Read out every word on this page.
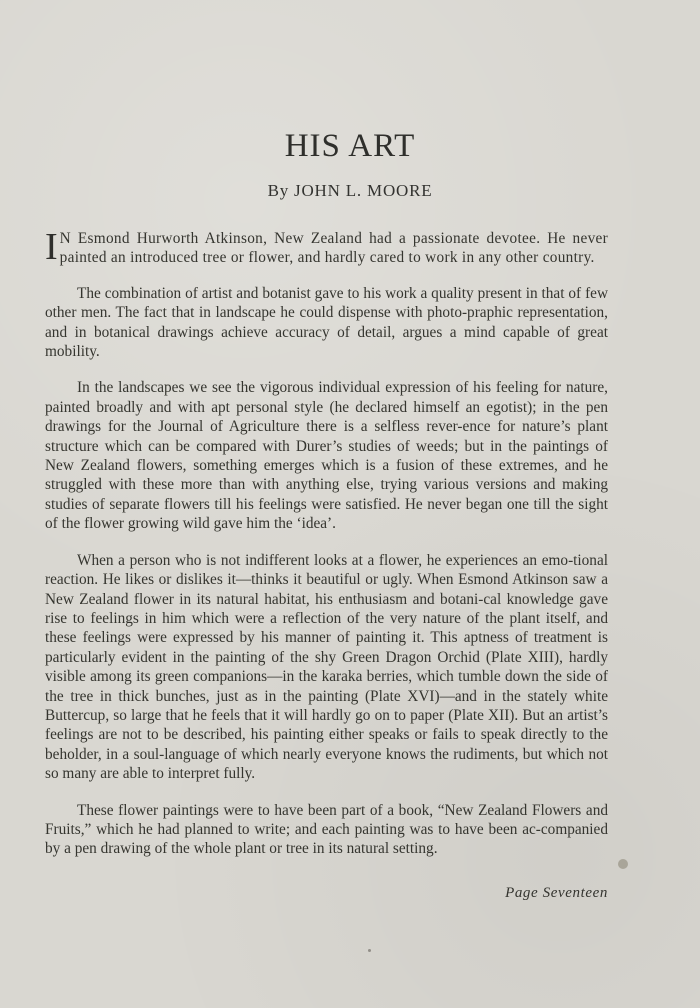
HIS ART
By JOHN L. MOORE

I N Esmond Hurworth Atkinson, New Zealand had a passionate devotee. He never painted an introduced tree or flower, and hardly cared to work in any other country.

The combination of artist and botanist gave to his work a quality present in that of few other men. The fact that in landscape he could dispense with photo-praphic representation, and in botanical drawings achieve accuracy of detail, argues a mind capable of great mobility.

In the landscapes we see the vigorous individual expression of his feeling for nature, painted broadly and with apt personal style (he declared himself an egotist); in the pen drawings for the Journal of Agriculture there is a selfless rever-ence for nature’s plant structure which can be compared with Durer’s studies of weeds; but in the paintings of New Zealand flowers, something emerges which is a fusion of these extremes, and he struggled with these more than with anything else, trying various versions and making studies of separate flowers till his feelings were satisfied. He never began one till the sight of the flower growing wild gave him the ‘idea’.

When a person who is not indifferent looks at a flower, he experiences an emo-tional reaction. He likes or dislikes it—thinks it beautiful or ugly. When Esmond Atkinson saw a New Zealand flower in its natural habitat, his enthusiasm and botani-cal knowledge gave rise to feelings in him which were a reflection of the very nature of the plant itself, and these feelings were expressed by his manner of painting it. This aptness of treatment is particularly evident in the painting of the shy Green Dragon Orchid (Plate XIII), hardly visible among its green companions—in the karaka berries, which tumble down the side of the tree in thick bunches, just as in the painting (Plate XVI)—and in the stately white Buttercup, so large that he feels that it will hardly go on to paper (Plate XII). But an artist’s feelings are not to be described, his painting either speaks or fails to speak directly to the beholder, in a soul-language of which nearly everyone knows the rudiments, but which not so many are able to interpret fully.

These flower paintings were to have been part of a book, “New Zealand Flowers and Fruits,” which he had planned to write; and each painting was to have been ac-companied by a pen drawing of the whole plant or tree in its natural setting.

Page Seventeen
